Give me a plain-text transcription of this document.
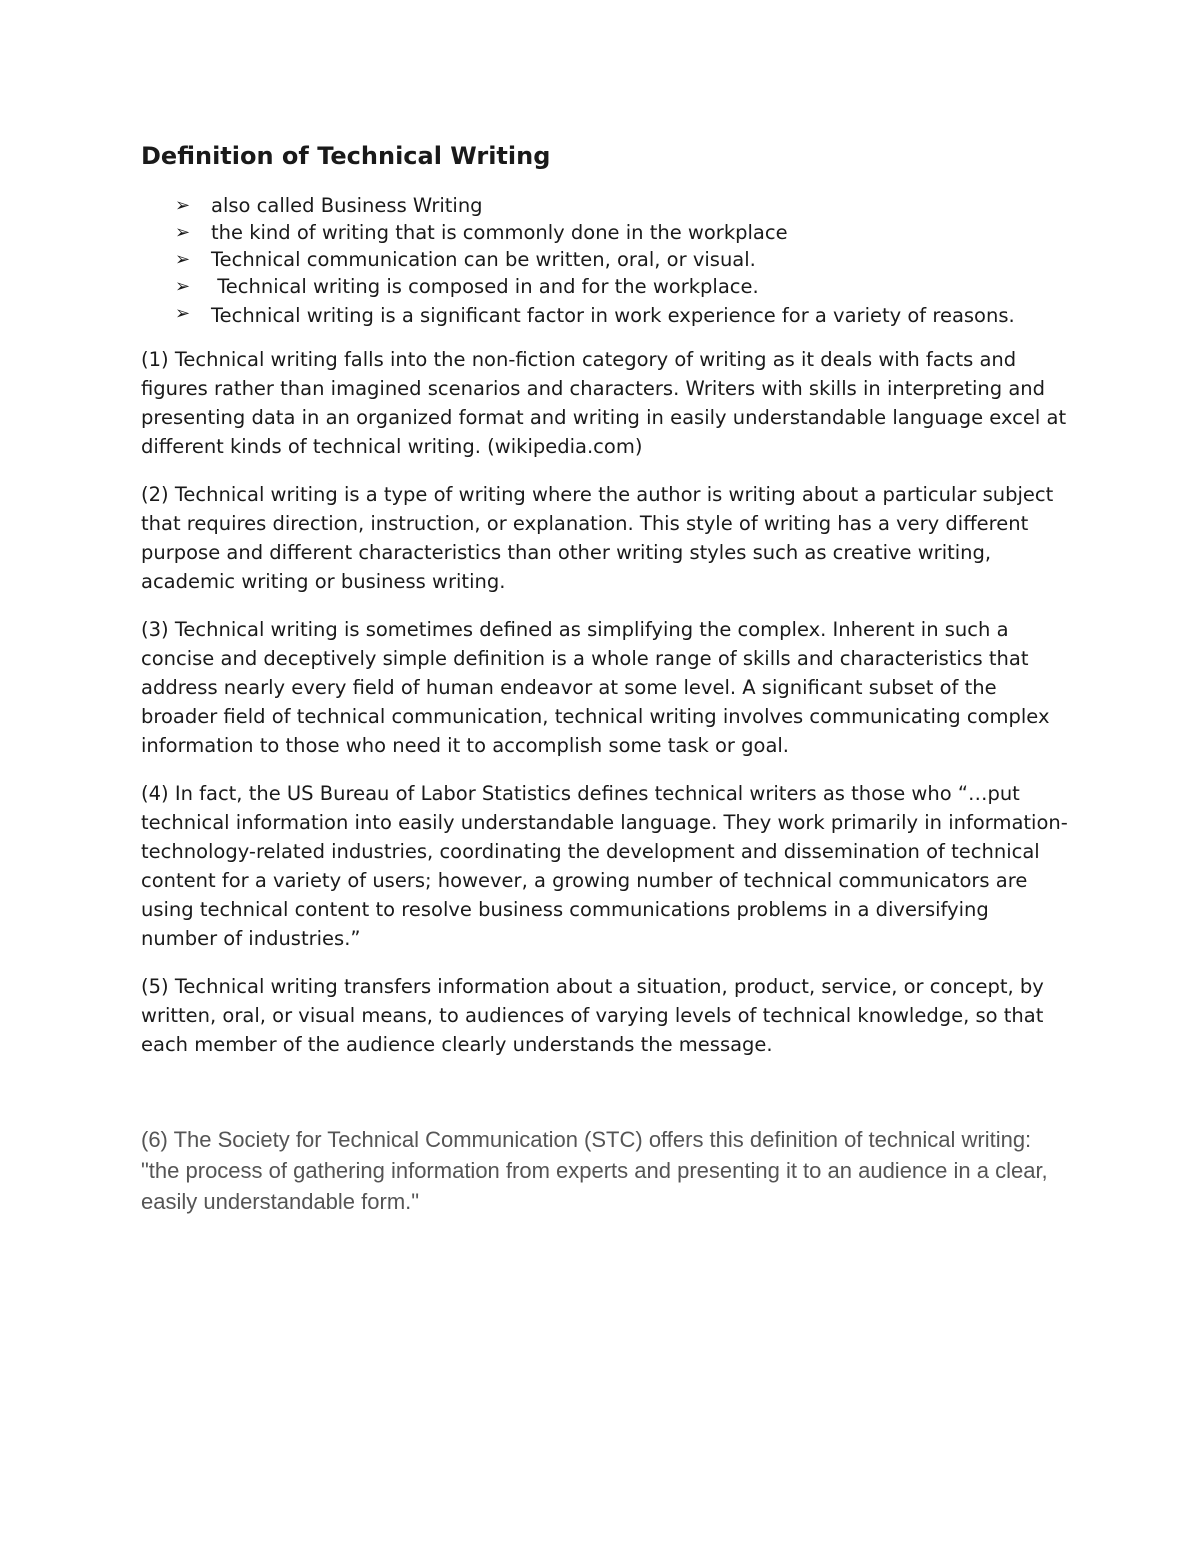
Definition of Technical Writing
➢ also called Business Writing
➢ the kind of writing that is commonly done in the workplace
➢ Technical communication can be written, oral, or visual.
➢ Technical writing is composed in and for the workplace.
➢ Technical writing is a significant factor in work experience for a variety of reasons.

(1) Technical writing falls into the non-fiction category of writing as it deals with facts and figures rather than imagined scenarios and characters. Writers with skills in interpreting and presenting data in an organized format and writing in easily understandable language excel at different kinds of technical writing. (wikipedia.com)

(2) Technical writing is a type of writing where the author is writing about a particular subject that requires direction, instruction, or explanation. This style of writing has a very different purpose and different characteristics than other writing styles such as creative writing, academic writing or business writing.

(3) Technical writing is sometimes defined as simplifying the complex. Inherent in such a concise and deceptively simple definition is a whole range of skills and characteristics that address nearly every field of human endeavor at some level. A significant subset of the broader field of technical communication, technical writing involves communicating complex information to those who need it to accomplish some task or goal.

(4) In fact, the US Bureau of Labor Statistics defines technical writers as those who “…put technical information into easily understandable language. They work primarily in information-technology-related industries, coordinating the development and dissemination of technical content for a variety of users; however, a growing number of technical communicators are using technical content to resolve business communications problems in a diversifying number of industries.”

(5) Technical writing transfers information about a situation, product, service, or concept, by written, oral, or visual means, to audiences of varying levels of technical knowledge, so that each member of the audience clearly understands the message.

(6) The Society for Technical Communication (STC) offers this definition of technical writing: "the process of gathering information from experts and presenting it to an audience in a clear, easily understandable form."
